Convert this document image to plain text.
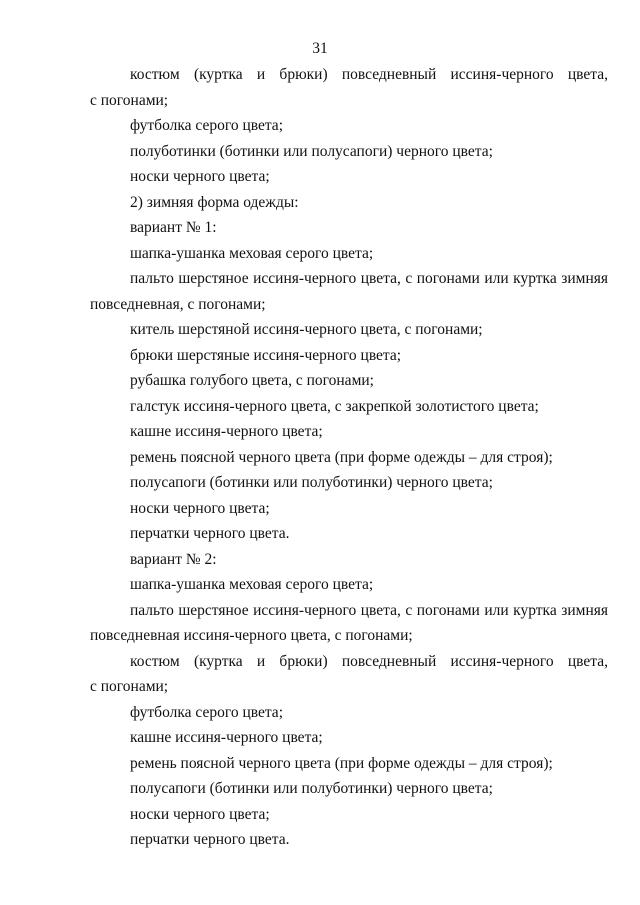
31

костюм (куртка и брюки) повседневный иссиня-черного цвета,
с погонами;

футболка серого цвета;

полуботинки (ботинки или полусапоги) черного цвета;

носки черного цвета;

2) зимняя форма одежды:

вариант № 1:

шапка-ушанка меховая серого цвета;

пальто шерстяное иссиня-черного цвета, с погонами или куртка зимняя
повседневная, с погонами;

китель шерстяной иссиня-черного цвета, с погонами;

брюки шерстяные иссиня-черного цвета;

рубашка голубого цвета, с погонами;

галстук иссиня-черного цвета, с закрепкой золотистого цвета;

кашне иссиня-черного цвета;

ремень поясной черного цвета (при форме одежды – для строя);

полусапоги (ботинки или полуботинки) черного цвета;

носки черного цвета;

перчатки черного цвета.

вариант № 2:

шапка-ушанка меховая серого цвета;

пальто шерстяное иссиня-черного цвета, с погонами или куртка зимняя
повседневная иссиня-черного цвета, с погонами;

костюм (куртка и брюки) повседневный иссиня-черного цвета,
с погонами;

футболка серого цвета;

кашне иссиня-черного цвета;

ремень поясной черного цвета (при форме одежды – для строя);

полусапоги (ботинки или полуботинки) черного цвета;

носки черного цвета;

перчатки черного цвета.
